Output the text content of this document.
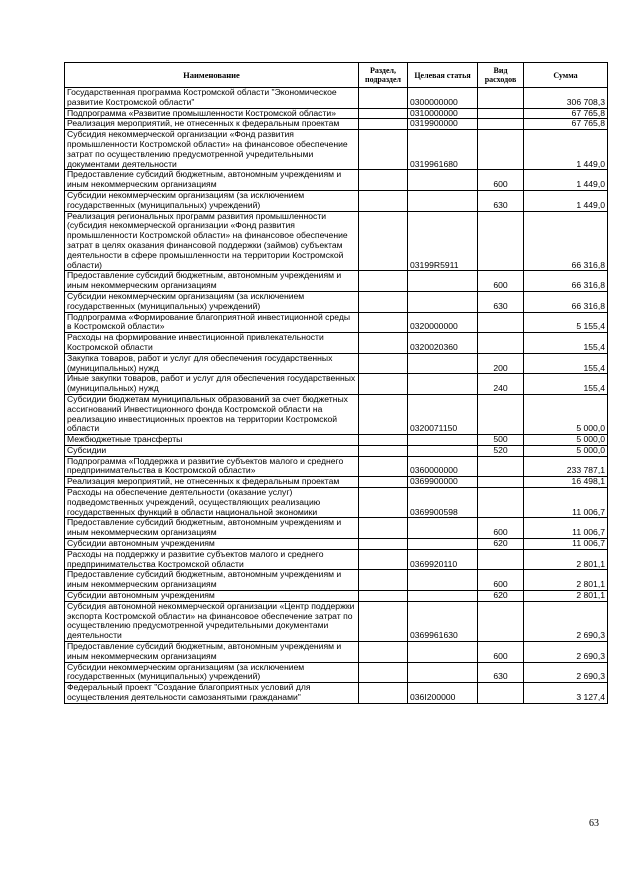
Наименование	Раздел, подраздел	Целевая статья	Вид расходов	Сумма
Государственная программа Костромской области "Экономическое развитие Костромской области"		0300000000		306 708,3
Подпрограмма «Развитие промышленности Костромской области»		0310000000		67 765,8
Реализация мероприятий, не отнесенных к федеральным проектам		0319900000		67 765,8
Субсидия некоммерческой организации «Фонд развития промышленности Костромской области» на финансовое обеспечение затрат по осуществлению предусмотренной учредительными документами деятельности		0319961680		1 449,0
Предоставление субсидий бюджетным, автономным учреждениям и иным некоммерческим организациям			600	1 449,0
Субсидии некоммерческим организациям (за исключением государственных (муниципальных) учреждений)			630	1 449,0
Реализация региональных программ развития промышленности (субсидия некоммерческой организации «Фонд развития промышленности Костромской области» на финансовое обеспечение затрат в целях оказания финансовой поддержки (займов) субъектам деятельности в сфере промышленности на территории Костромской области)		03199R5911		66 316,8
Предоставление субсидий бюджетным, автономным учреждениям и иным некоммерческим организациям			600	66 316,8
Субсидии некоммерческим организациям (за исключением государственных (муниципальных) учреждений)			630	66 316,8
Подпрограмма «Формирование благоприятной инвестиционной среды в Костромской области»		0320000000		5 155,4
Расходы на формирование инвестиционной привлекательности Костромской области		0320020360		155,4
Закупка товаров, работ и услуг для обеспечения государственных (муниципальных) нужд			200	155,4
Иные закупки товаров, работ и услуг для обеспечения государственных (муниципальных) нужд			240	155,4
Субсидии бюджетам муниципальных образований за счет бюджетных ассигнований Инвестиционного фонда Костромской области на реализацию инвестиционных проектов на территории Костромской области		0320071150		5 000,0
Межбюджетные трансферты			500	5 000,0
Субсидии			520	5 000,0
Подпрограмма «Поддержка и развитие субъектов малого и среднего предпринимательства в Костромской области»		0360000000		233 787,1
Реализация мероприятий, не отнесенных к федеральным проектам		0369900000		16 498,1
Расходы на обеспечение деятельности (оказание услуг) подведомственных учреждений, осуществляющих реализацию государственных функций в области национальной экономики		0369900598		11 006,7
Предоставление субсидий бюджетным, автономным учреждениям и иным некоммерческим организациям			600	11 006,7
Субсидии автономным учреждениям			620	11 006,7
Расходы на поддержку и развитие субъектов малого и среднего предпринимательства Костромской области		0369920110		2 801,1
Предоставление субсидий бюджетным, автономным учреждениям и иным некоммерческим организациям			600	2 801,1
Субсидии автономным учреждениям			620	2 801,1
Субсидия автономной некоммерческой организации «Центр поддержки экспорта Костромской области» на финансовое обеспечение затрат по осуществлению предусмотренной учредительными документами деятельности		0369961630		2 690,3
Предоставление субсидий бюджетным, автономным учреждениям и иным некоммерческим организациям			600	2 690,3
Субсидии некоммерческим организациям (за исключением государственных (муниципальных) учреждений)			630	2 690,3
Федеральный проект "Создание благоприятных условий для осуществления деятельности самозанятыми гражданами"		036I200000		3 127,4
63
